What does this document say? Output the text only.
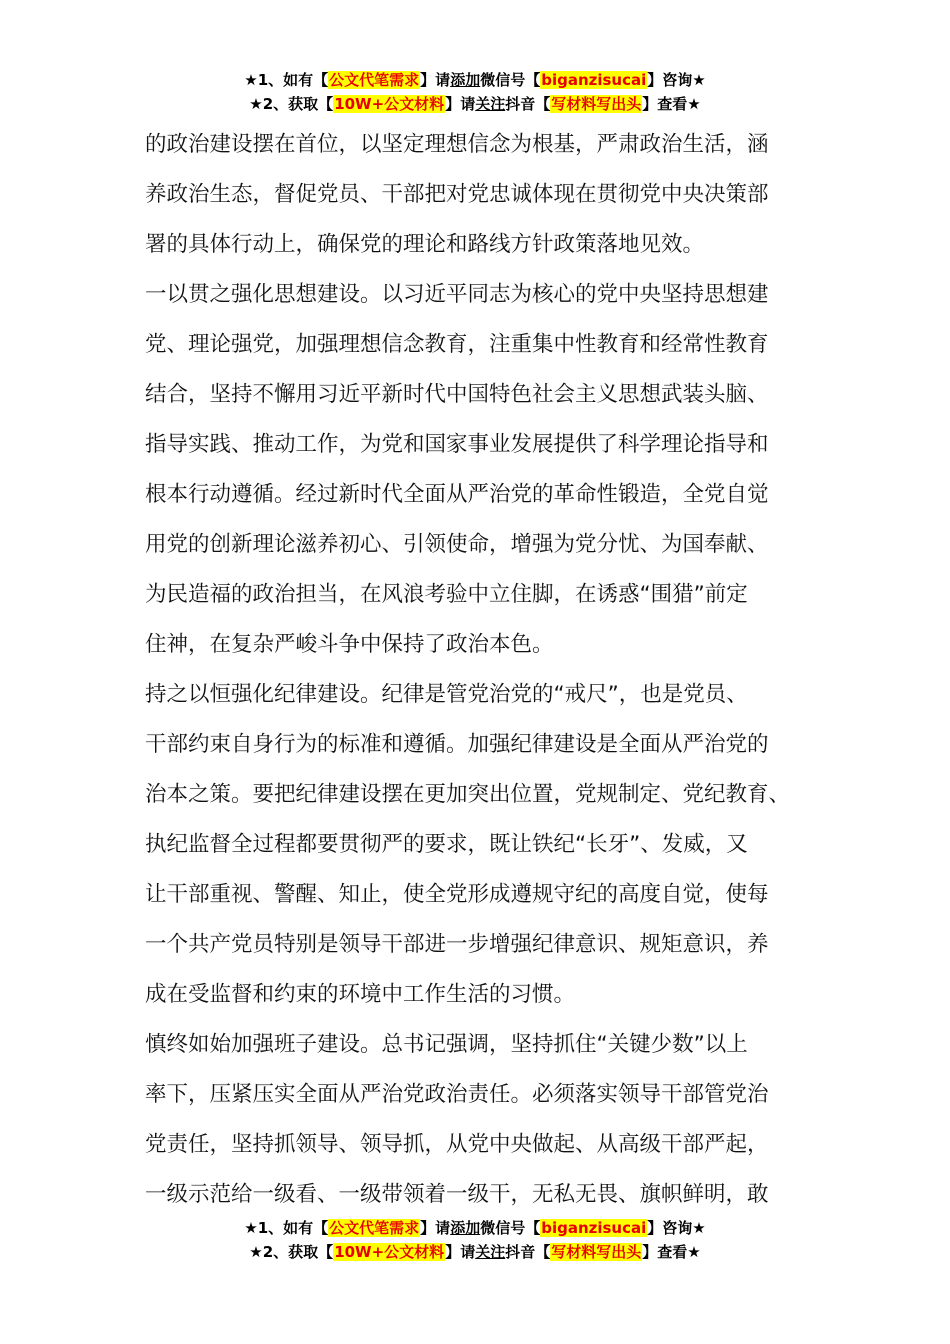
★1、如有【公文代笔需求】请添加微信号【biganzisucai】咨询★
★2、获取【10W+公文材料】请关注抖音【写材料写出头】查看★
的政治建设摆在首位，以坚定理想信念为根基，严肃政治生活，涵
养政治生态，督促党员、干部把对党忠诚体现在贯彻党中央决策部
署的具体行动上，确保党的理论和路线方针政策落地见效。
一以贯之强化思想建设。以习近平同志为核心的党中央坚持思想建
党、理论强党，加强理想信念教育，注重集中性教育和经常性教育
结合，坚持不懈用习近平新时代中国特色社会主义思想武装头脑、
指导实践、推动工作，为党和国家事业发展提供了科学理论指导和
根本行动遵循。经过新时代全面从严治党的革命性锻造，全党自觉
用党的创新理论滋养初心、引领使命，增强为党分忧、为国奉献、
为民造福的政治担当，在风浪考验中立住脚，在诱惑“围猎”前定
住神，在复杂严峻斗争中保持了政治本色。
持之以恒强化纪律建设。纪律是管党治党的“戒尺”，也是党员、
干部约束自身行为的标准和遵循。加强纪律建设是全面从严治党的
治本之策。要把纪律建设摆在更加突出位置，党规制定、党纪教育、
执纪监督全过程都要贯彻严的要求，既让铁纪“长牙”、发威，又
让干部重视、警醒、知止，使全党形成遵规守纪的高度自觉，使每
一个共产党员特别是领导干部进一步增强纪律意识、规矩意识，养
成在受监督和约束的环境中工作生活的习惯。
慎终如始加强班子建设。总书记强调，坚持抓住“关键少数”以上
率下，压紧压实全面从严治党政治责任。必须落实领导干部管党治
党责任，坚持抓领导、领导抓，从党中央做起、从高级干部严起，
一级示范给一级看、一级带领着一级干，无私无畏、旗帜鲜明，敢
★1、如有【公文代笔需求】请添加微信号【biganzisucai】咨询★
★2、获取【10W+公文材料】请关注抖音【写材料写出头】查看★
